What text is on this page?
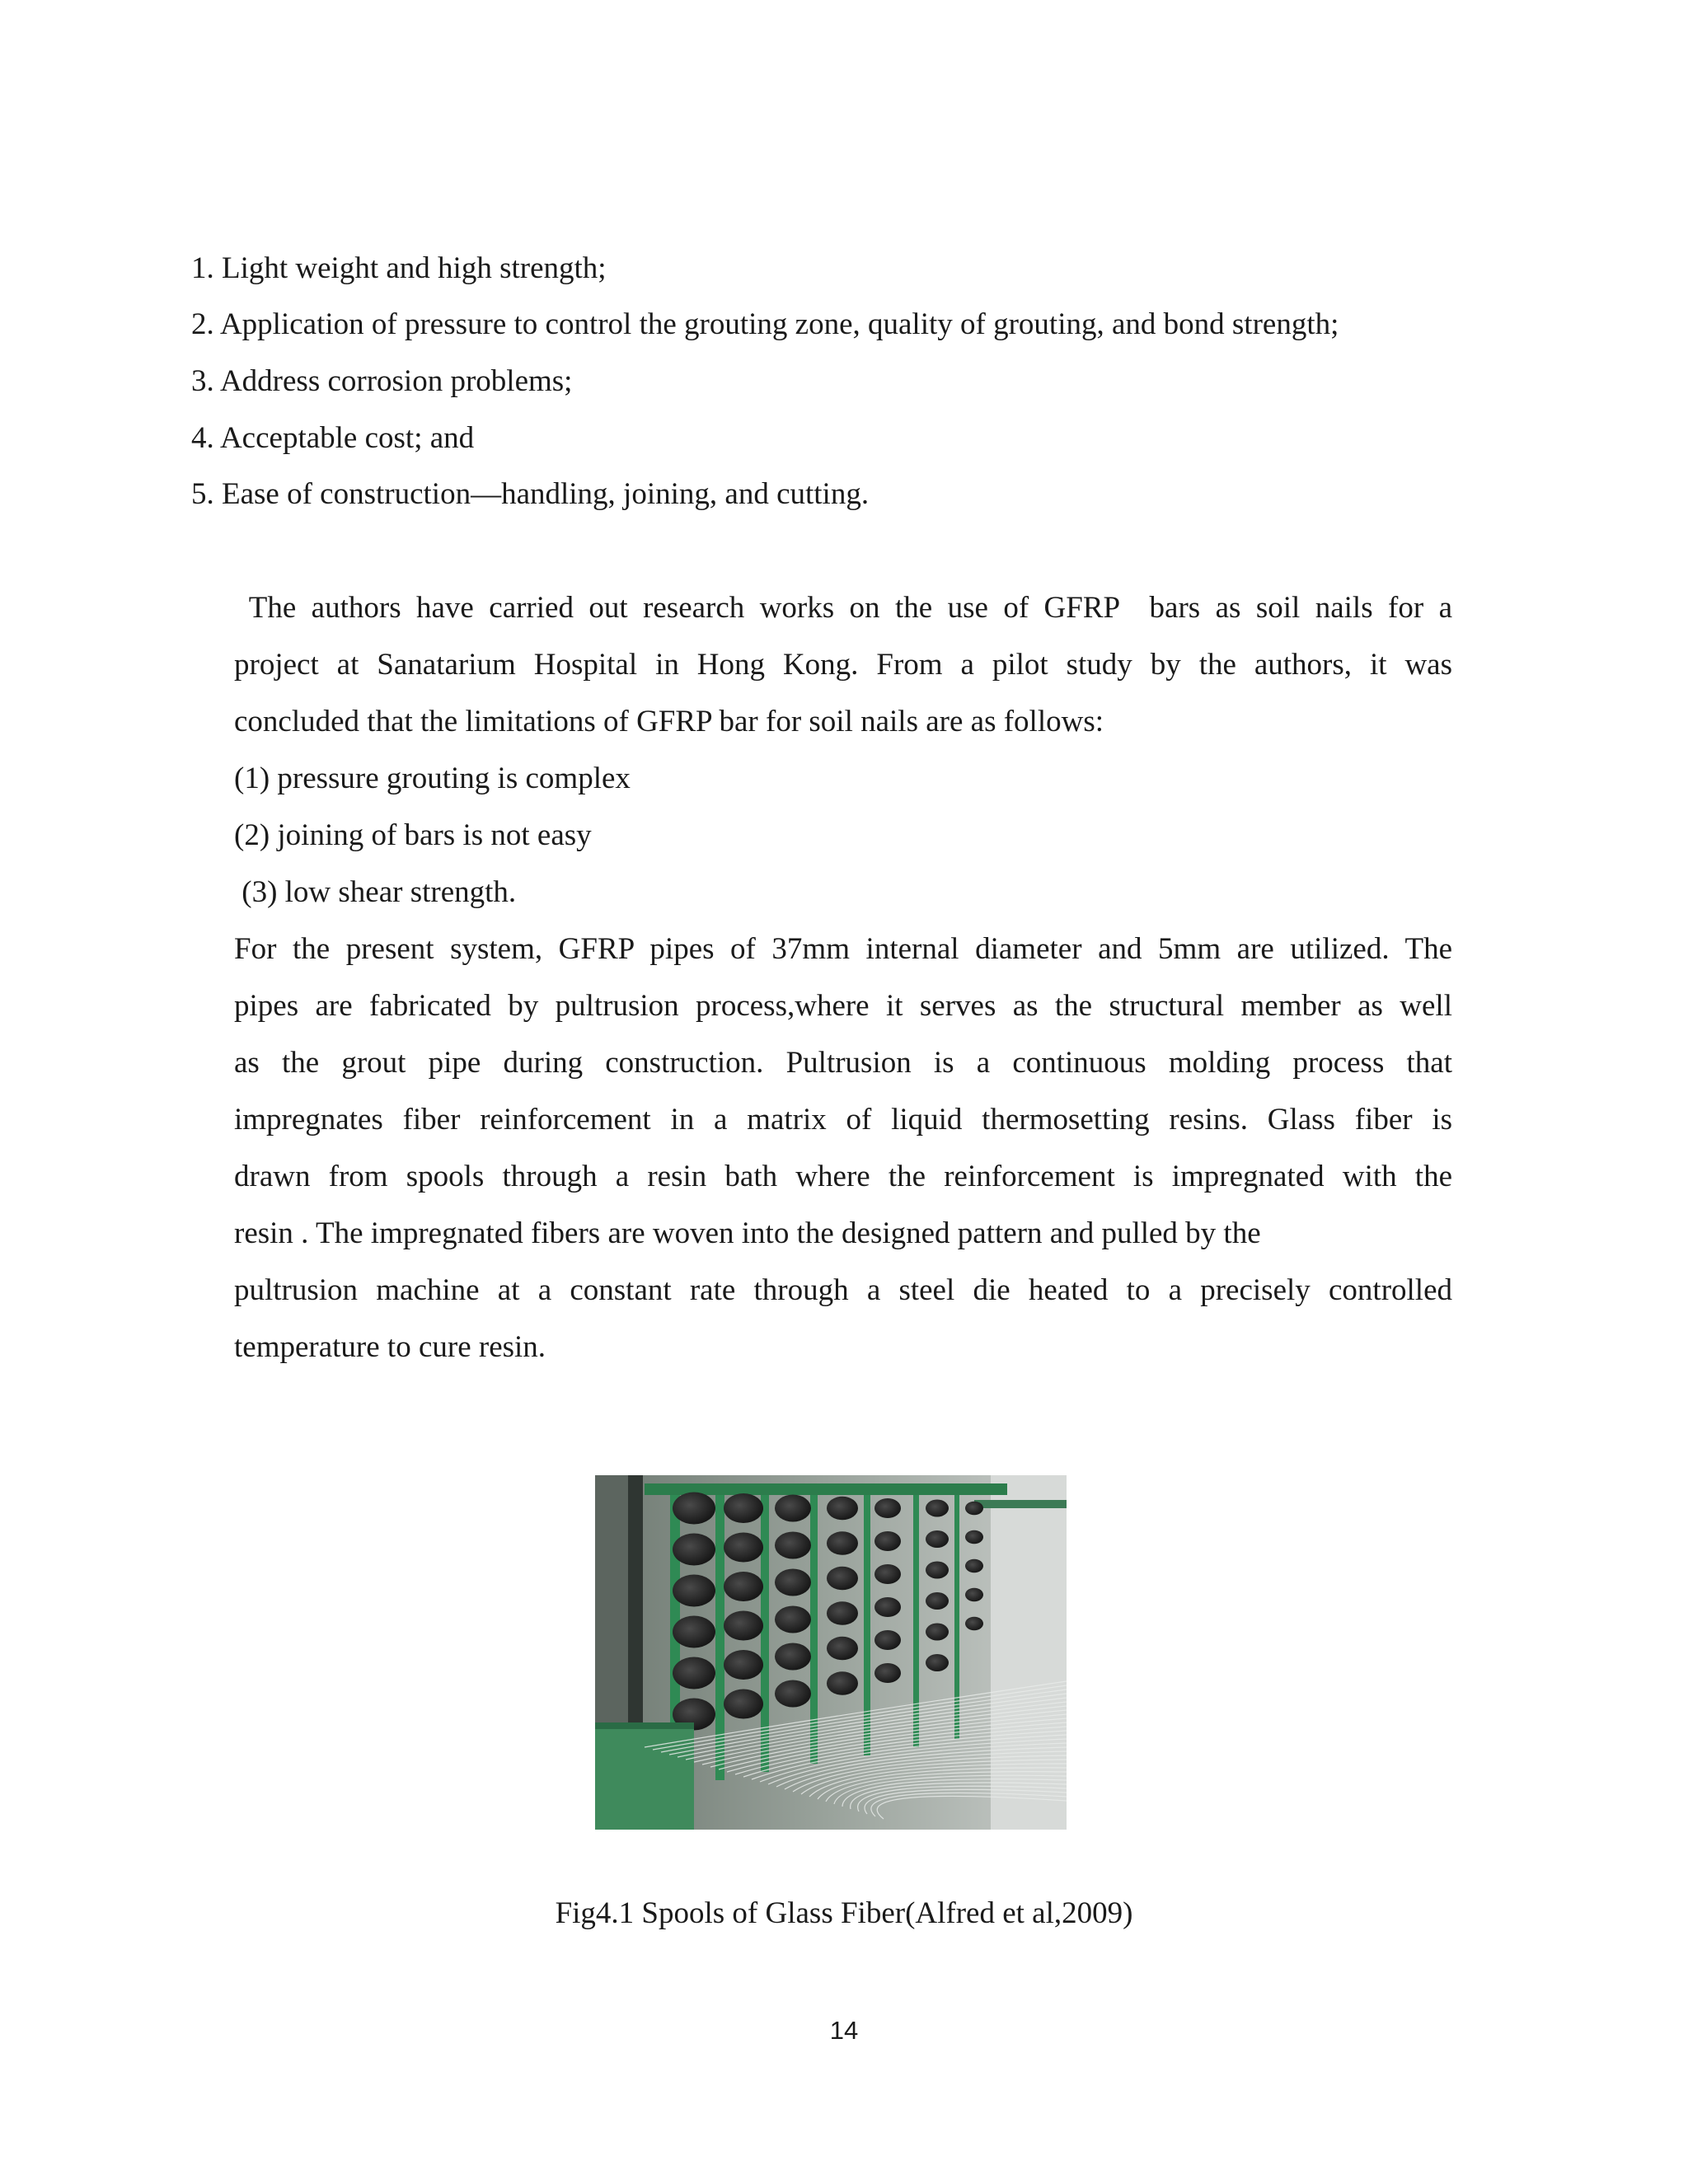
1. Light weight and high strength;
2. Application of pressure to control the grouting zone, quality of grouting, and bond strength;
3. Address corrosion problems;
4. Acceptable cost; and
5. Ease of construction—handling, joining, and cutting.
The authors have carried out research works on the use of GFRP  bars as soil nails for a
project at Sanatarium Hospital in Hong Kong. From a pilot study by the authors, it was
concluded that the limitations of GFRP bar for soil nails are as follows:
(1) pressure grouting is complex
(2) joining of bars is not easy
(3) low shear strength.
For the present system, GFRP pipes of 37mm internal diameter and 5mm are utilized. The
pipes are fabricated by pultrusion process,where it serves as the structural member as well
as the grout pipe during construction. Pultrusion is a continuous molding process that
impregnates fiber reinforcement in a matrix of liquid thermosetting resins. Glass fiber is
drawn from spools through a resin bath where the reinforcement is impregnated with the
resin . The impregnated fibers are woven into the designed pattern and pulled by the
pultrusion machine at a constant rate through a steel die heated to a precisely controlled
temperature to cure resin.
Fig4.1 Spools of Glass Fiber(Alfred et al,2009)
14
